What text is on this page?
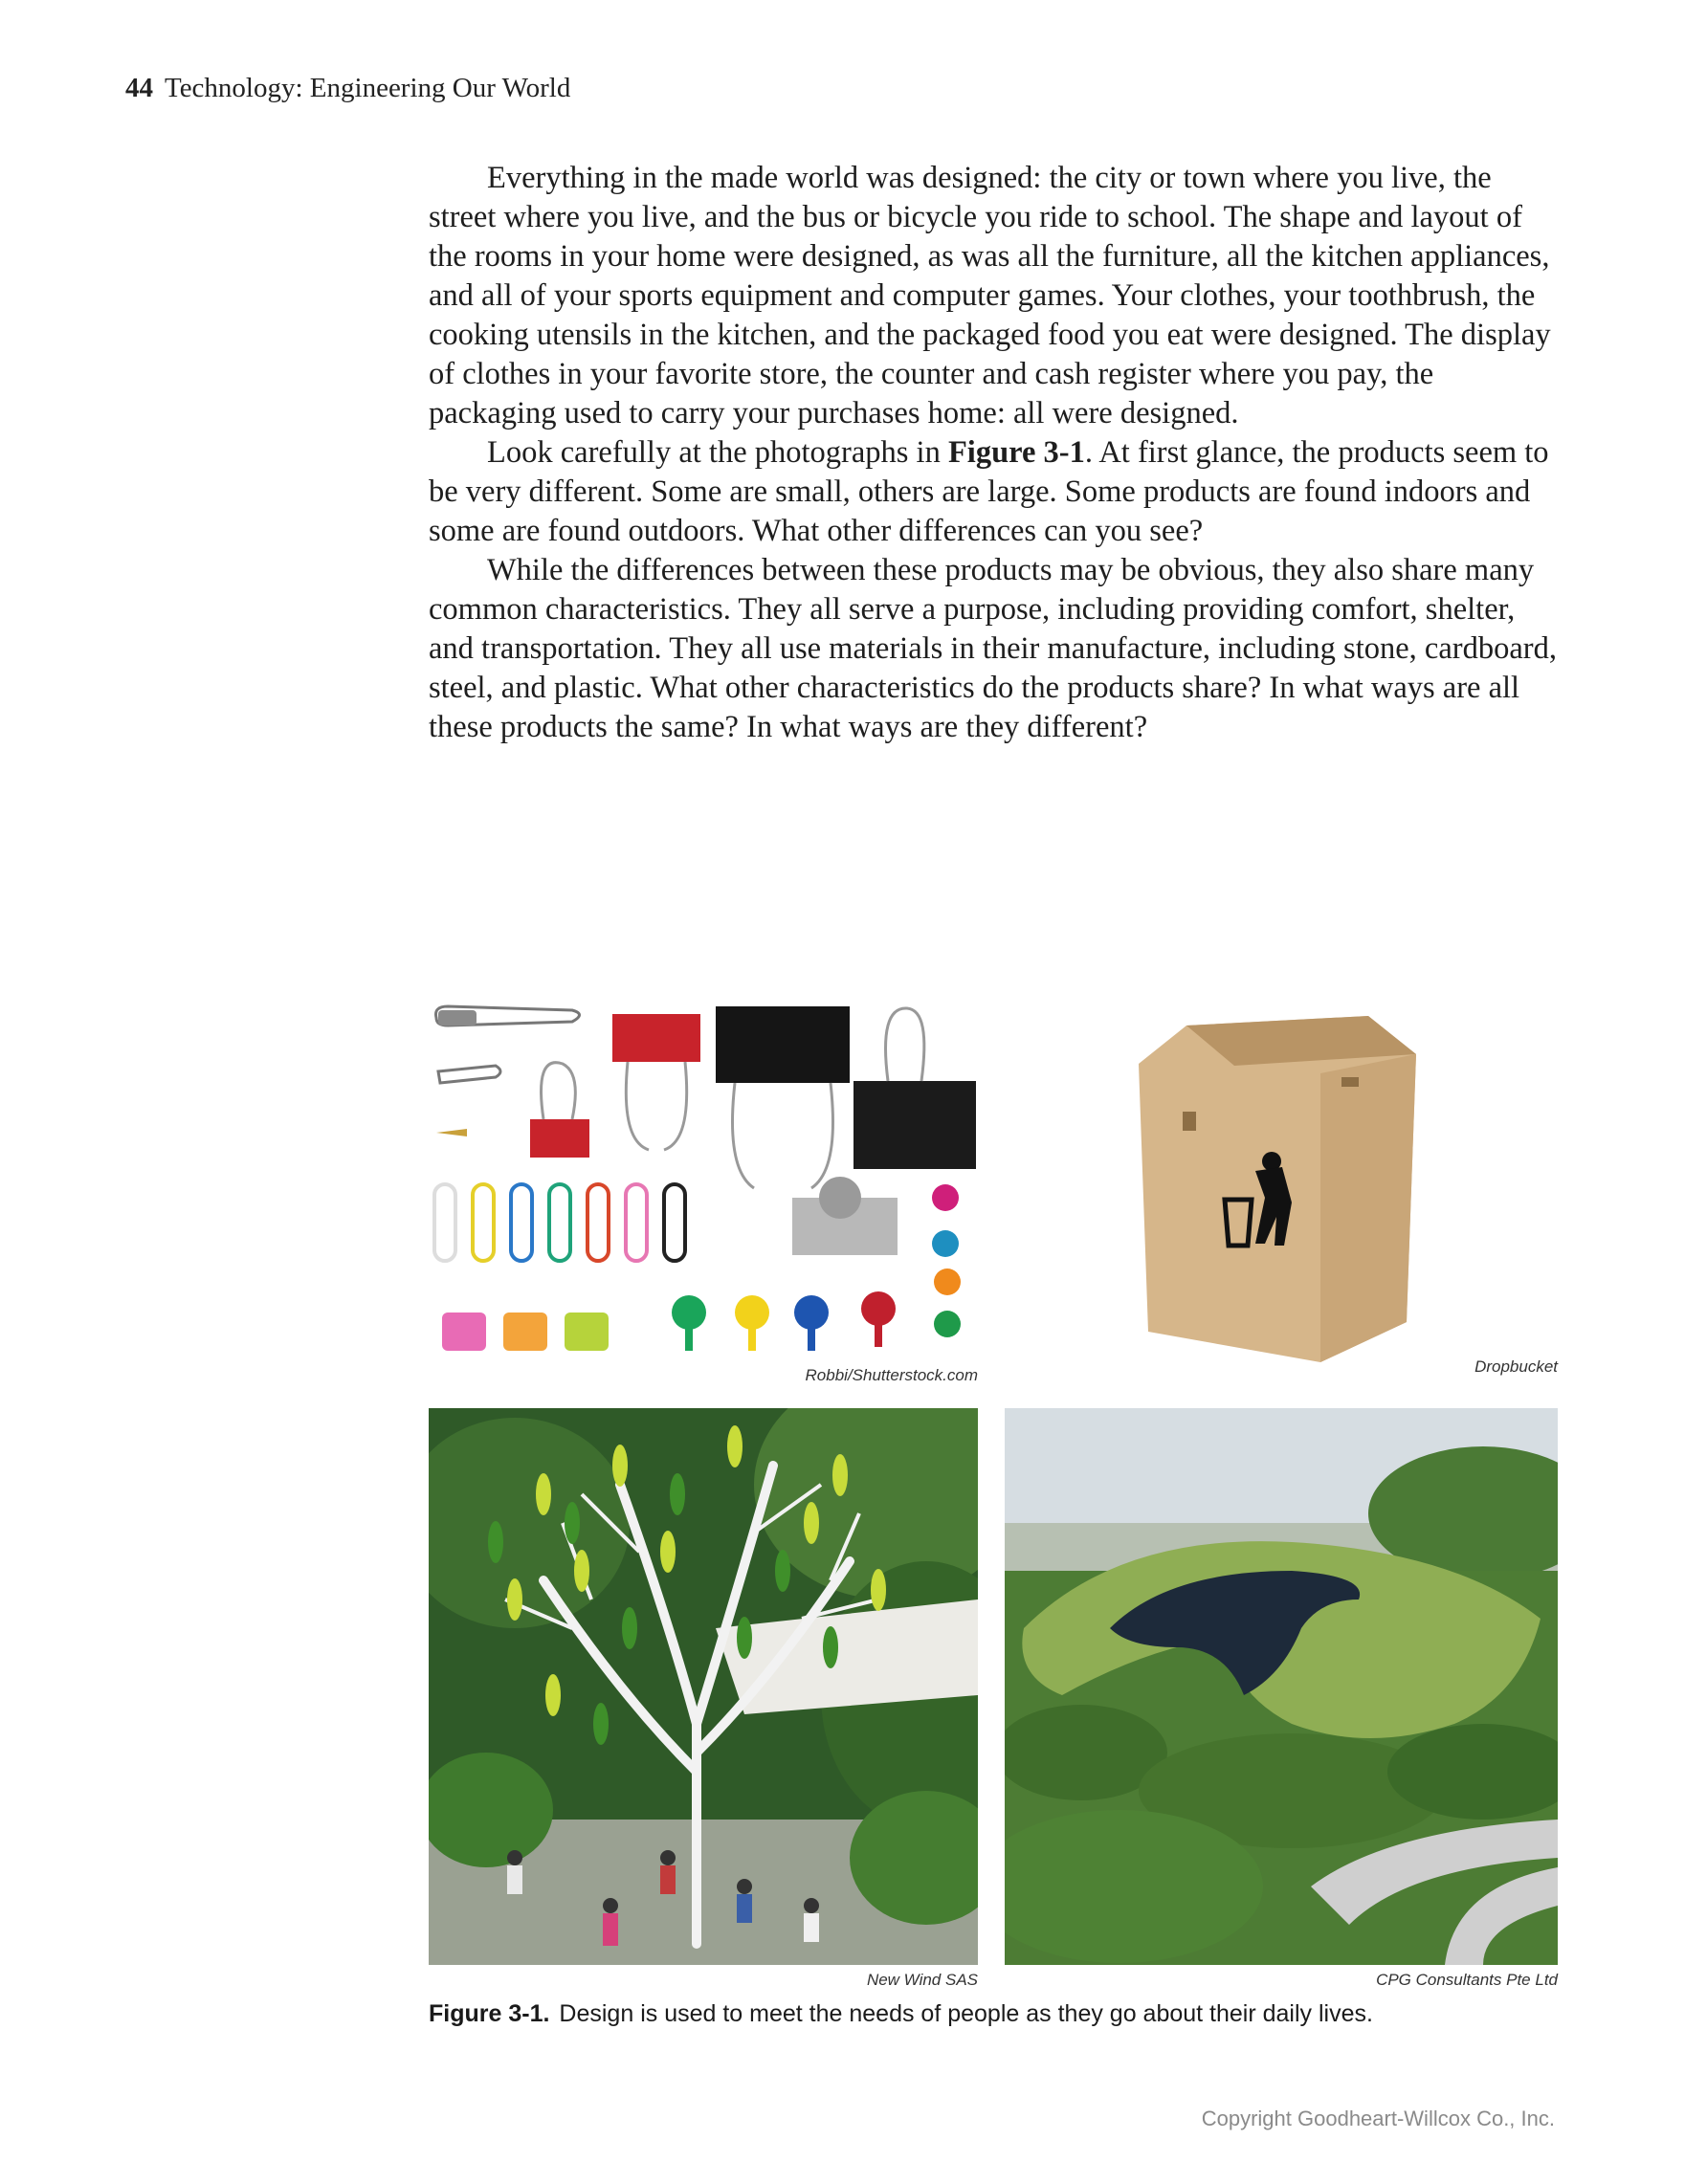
44 Technology: Engineering Our World

Everything in the made world was designed: the city or town where you live, the street where you live, and the bus or bicycle you ride to school. The shape and layout of the rooms in your home were designed, as was all the furniture, all the kitchen appliances, and all of your sports equipment and computer games. Your clothes, your toothbrush, the cooking utensils in the kitchen, and the packaged food you eat were designed. The display of clothes in your favorite store, the counter and cash register where you pay, the packaging used to carry your purchases home: all were designed.

Look carefully at the photographs in Figure 3-1. At first glance, the products seem to be very different. Some are small, others are large. Some products are found indoors and some are found outdoors. What other differences can you see?

While the differences between these products may be obvious, they also share many common characteristics. They all serve a purpose, including providing comfort, shelter, and transportation. They all use materials in their manufacture, including stone, cardboard, steel, and plastic. What other characteristics do the products share? In what ways are all these products the same? In what ways are they different?

Robbi/Shutterstock.com	Dropbucket
New Wind SAS	CPG Consultants Pte Ltd
Figure 3-1. Design is used to meet the needs of people as they go about their daily lives.
Copyright Goodheart-Willcox Co., Inc.
